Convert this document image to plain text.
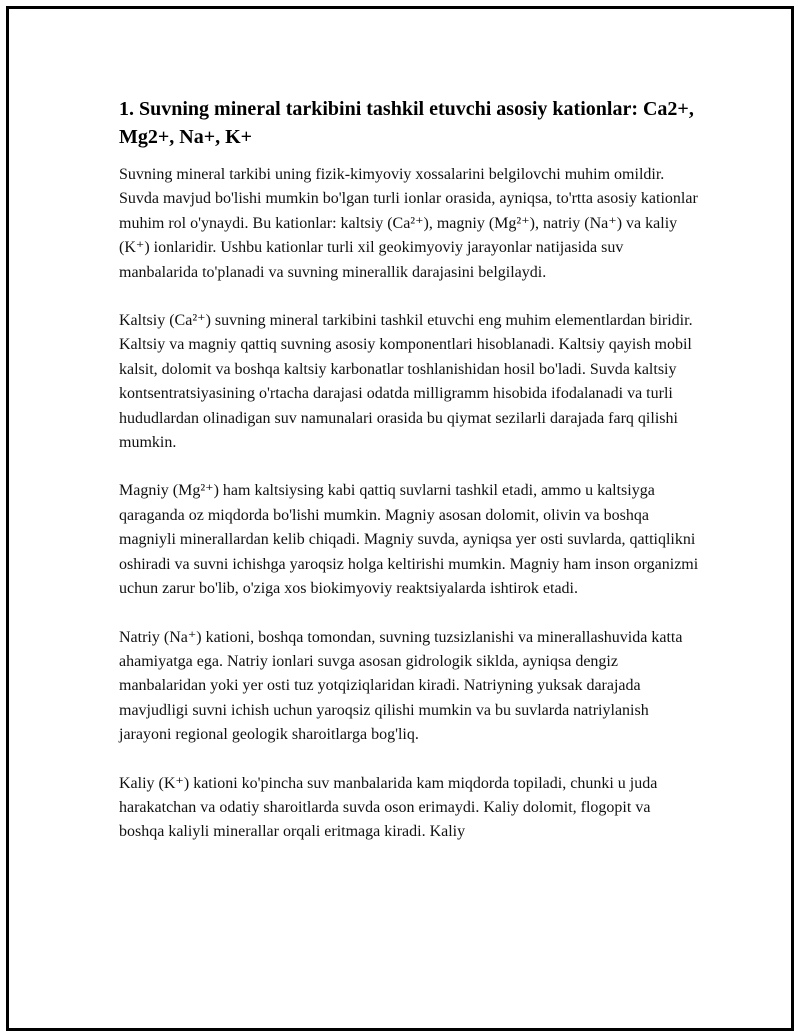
1. Suvning mineral tarkibini tashkil etuvchi asosiy kationlar: Ca2+, Mg2+, Na+, K+

Suvning mineral tarkibi uning fizik-kimyoviy xossalarini belgilovchi muhim omildir. Suvda mavjud bo'lishi mumkin bo'lgan turli ionlar orasida, ayniqsa, to'rtta asosiy kationlar muhim rol o'ynaydi. Bu kationlar: kaltsiy (Ca²⁺), magniy (Mg²⁺), natriy (Na⁺) va kaliy (K⁺) ionlaridir. Ushbu kationlar turli xil geokimyoviy jarayonlar natijasida suv manbalarida to'planadi va suvning minerallik darajasini belgilaydi.

Kaltsiy (Ca²⁺) suvning mineral tarkibini tashkil etuvchi eng muhim elementlardan biridir. Kaltsiy va magniy qattiq suvning asosiy komponentlari hisoblanadi. Kaltsiy qayish mobil kalsit, dolomit va boshqa kaltsiy karbonatlar toshlanishidan hosil bo'ladi. Suvda kaltsiy kontsentratsiyasining o'rtacha darajasi odatda milligramm hisobida ifodalanadi va turli hududlardan olinadigan suv namunalari orasida bu qiymat sezilarli darajada farq qilishi mumkin.

Magniy (Mg²⁺) ham kaltsiysing kabi qattiq suvlarni tashkil etadi, ammo u kaltsiyga qaraganda oz miqdorda bo'lishi mumkin. Magniy asosan dolomit, olivin va boshqa magniyli minerallardan kelib chiqadi. Magniy suvda, ayniqsa yer osti suvlarda, qattiqlikni oshiradi va suvni ichishga yaroqsiz holga keltirishi mumkin. Magniy ham inson organizmi uchun zarur bo'lib, o'ziga xos biokimyoviy reaktsiyalarda ishtirok etadi.

Natriy (Na⁺) kationi, boshqa tomondan, suvning tuzsizlanishi va minerallashuvida katta ahamiyatga ega. Natriy ionlari suvga asosan gidrologik siklda, ayniqsa dengiz manbalaridan yoki yer osti tuz yotqiziqlaridan kiradi. Natriyning yuksak darajada mavjudligi suvni ichish uchun yaroqsiz qilishi mumkin va bu suvlarda natriylanish jarayoni regional geologik sharoitlarga bog'liq.

Kaliy (K⁺) kationi ko'pincha suv manbalarida kam miqdorda topiladi, chunki u juda harakatchan va odatiy sharoitlarda suvda oson erimaydi. Kaliy dolomit, flogopit va boshqa kaliyli minerallar orqali eritmaga kiradi. Kaliy
